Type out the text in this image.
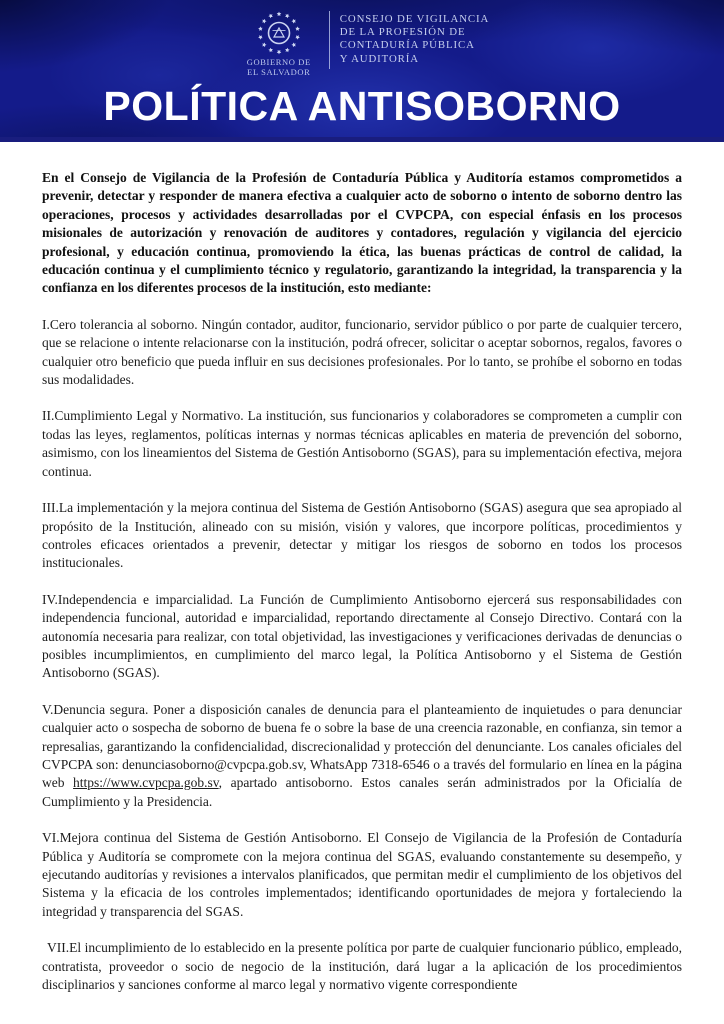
GOBIERNO DE
EL SALVADOR
CONSEJO DE VIGILANCIA
DE LA PROFESIÓN DE
CONTADURÍA PÚBLICA
Y AUDITORÍA
POLÍTICA ANTISOBORNO

En el Consejo de Vigilancia de la Profesión de Contaduría Pública y Auditoría estamos comprometidos a prevenir, detectar y responder de manera efectiva a cualquier acto de soborno o intento de soborno dentro las operaciones, procesos y actividades desarrolladas por el CVPCPA, con especial énfasis en los procesos misionales de autorización y renovación de auditores y contadores, regulación y vigilancia del ejercicio profesional, y educación continua, promoviendo la ética, las buenas prácticas de control de calidad, la educación continua y el cumplimiento técnico y regulatorio, garantizando la integridad, la transparencia y la confianza en los diferentes procesos de la institución, esto mediante:

I.Cero tolerancia al soborno. Ningún contador, auditor, funcionario, servidor público o por parte de cualquier tercero, que se relacione o intente relacionarse con la institución, podrá ofrecer, solicitar o aceptar sobornos, regalos, favores o cualquier otro beneficio que pueda influir en sus decisiones profesionales. Por lo tanto, se prohíbe el soborno en todas sus modalidades.

II.Cumplimiento Legal y Normativo. La institución, sus funcionarios y colaboradores se comprometen a cumplir con todas las leyes, reglamentos, políticas internas y normas técnicas aplicables en materia de prevención del soborno, asimismo, con los lineamientos del Sistema de Gestión Antisoborno (SGAS), para su implementación efectiva, mejora continua.

III.La implementación y la mejora continua del Sistema de Gestión Antisoborno (SGAS) asegura que sea apropiado al propósito de la Institución, alineado con su misión, visión y valores, que incorpore políticas, procedimientos y controles eficaces orientados a prevenir, detectar y mitigar los riesgos de soborno en todos los procesos institucionales.

IV.Independencia e imparcialidad. La Función de Cumplimiento Antisoborno ejercerá sus responsabilidades con independencia funcional, autoridad e imparcialidad, reportando directamente al Consejo Directivo. Contará con la autonomía necesaria para realizar, con total objetividad, las investigaciones y verificaciones derivadas de denuncias o posibles incumplimientos, en cumplimiento del marco legal, la Política Antisoborno y el Sistema de Gestión Antisoborno (SGAS).

V.Denuncia segura. Poner a disposición canales de denuncia para el planteamiento de inquietudes o para denunciar cualquier acto o sospecha de soborno de buena fe o sobre la base de una creencia razonable, en confianza, sin temor a represalias, garantizando la confidencialidad, discrecionalidad y protección del denunciante. Los canales oficiales del CVPCPA son: denunciasoborno@cvpcpa.gob.sv, WhatsApp 7318-6546 o a través del formulario en línea en la página web https://www.cvpcpa.gob.sv, apartado antisoborno. Estos canales serán administrados por la Oficialía de Cumplimiento y la Presidencia.

VI.Mejora continua del Sistema de Gestión Antisoborno. El Consejo de Vigilancia de la Profesión de Contaduría Pública y Auditoría se compromete con la mejora continua del SGAS, evaluando constantemente su desempeño, y ejecutando auditorías y revisiones a intervalos planificados, que permitan medir el cumplimiento de los objetivos del Sistema y la eficacia de los controles implementados; identificando oportunidades de mejora y fortaleciendo la integridad y transparencia del SGAS.

VII.El incumplimiento de lo establecido en la presente política por parte de cualquier funcionario público, empleado, contratista, proveedor o socio de negocio de la institución, dará lugar a la aplicación de los procedimientos disciplinarios y sanciones conforme al marco legal y normativo vigente correspondiente
